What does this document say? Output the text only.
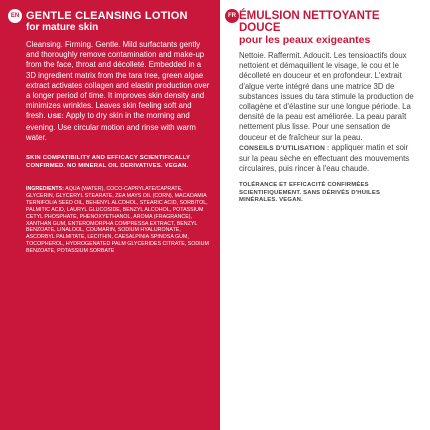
EN GENTLE CLEANSING LOTION
for mature skin
Cleansing. Firming. Gentle. Mild surfactants gently and thoroughly remove contamination and make-up from the face, throat and décolleté. Embedded in a 3D ingredient matrix from the tara tree, green algae extract activates collagen and elastin production over a longer period of time. It improves skin density and minimizes wrinkles. Leaves skin feeling soft and fresh. USE: Apply to dry skin in the morning and evening. Use circular motion and rinse with warm water.
SKIN COMPATIBILITY AND EFFICACY SCIENTIFICALLY CONFIRMED. NO MINERAL OIL DERIVATIVES. VEGAN.
INGREDIENTS: AQUA (WATER), COCO-CAPRYLATE/CAPRATE, GLYCERIN, GLYCERYL STEARATE, ZEA MAYS OIL (CORN), MACADAMIA TERNIFOLIA SEED OIL, BEHENYL ALCOHOL, STEARIC ACID, SORBITOL, PALMITIC ACID, LAURYL GLUCOSIDE, BENZYL ALCOHOL, POTASSIUM CETYL PHOSPHATE, PHENOXYETHANOL, AROMA (FRAGRANCE), XANTHAN GUM, ENTEROMORPHA COMPRESSA EXTRACT, BENZYL BENZOATE, LINALOOL, COUMARIN, SODIUM HYALURONATE, ASCORBYL PALMITATE, LECITHIN, CAESALPINIA SPINOSA GUM, TOCOPHEROL, HYDROGENATED PALM GLYCERIDES CITRATE, SODIUM BENZOATE, POTASSIUM SORBATE
FR ÉMULSION NETTOYANTE DOUCE
pour les peaux exigeantes
Nettoie. Raffermit. Adoucit. Les tensioactifs doux nettoient et démaquillent le visage, le cou et le décolleté en douceur et en profondeur. L'extrait d'algue verte intégré dans une matrice 3D de substances issues du tara stimule la production de collagène et d'élastine sur une longue période. La densité de la peau est améliorée. La peau paraît nettement plus lisse. Pour une sensation de douceur et de fraîcheur sur la peau.
CONSEILS D'UTILISATION : appliquer matin et soir sur la peau sèche en effectuant des mouvements circulaires, puis rincer à l'eau chaude.
TOLÉRANCE ET EFFICACITÉ CONFIRMÉES SCIENTIFIQUEMENT. SANS DÉRIVÉS D'HUILES MINÉRALES. VEGAN.
